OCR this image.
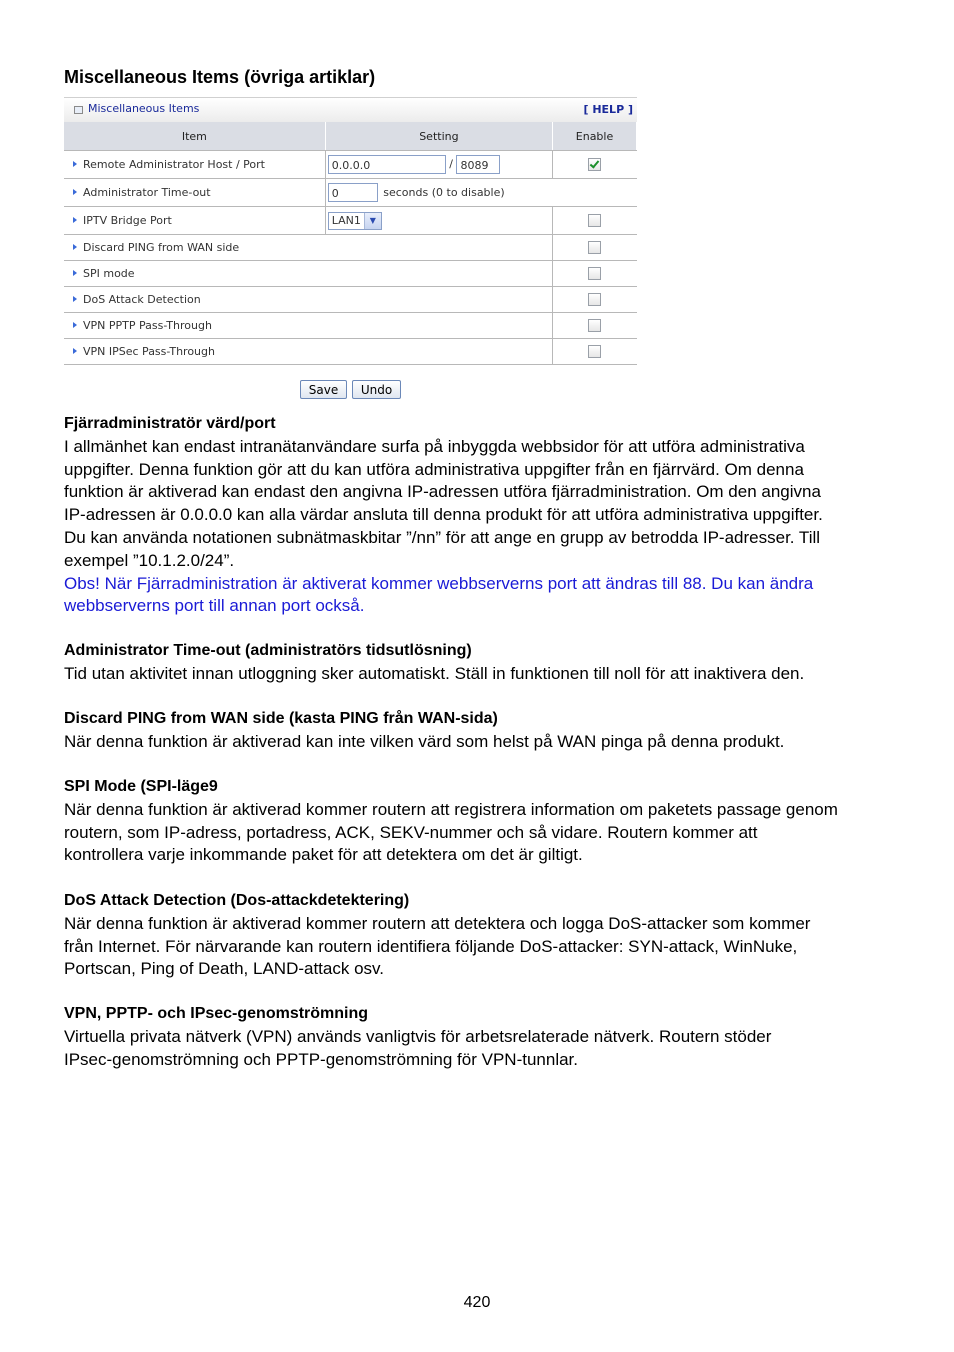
Miscellaneous Items (övriga artiklar)
Miscellaneous Items	[ HELP ]
Item	Setting	Enable
Remote Administrator Host / Port	0.0.0.0 / 8089	
Administrator Time-out	0 seconds (0 to disable)	
IPTV Bridge Port	LAN1 ▼	

Discard PING from WAN side		
SPI mode		
DoS Attack Detection		
VPN PPTP Pass-Through		
VPN IPSec Pass-Through		
Save	Undo
Fjärradministratör värd/port
I allmänhet kan endast intranätanvändare surfa på inbyggda webbsidor för att utföra administrativa
uppgifter. Denna funktion gör att du kan utföra administrativa uppgifter från en fjärrvärd. Om denna
funktion är aktiverad kan endast den angivna IP-adressen utföra fjärradministration. Om den angivna
IP-adressen är 0.0.0.0 kan alla värdar ansluta till denna produkt för att utföra administrativa uppgifter.
Du kan använda notationen subnätmaskbitar ”/nn” för att ange en grupp av betrodda IP-adresser. Till
exempel ”10.1.2.0/24”.
Obs! När Fjärradministration är aktiverat kommer webbserverns port att ändras till 88. Du kan ändra
webbserverns port till annan port också.
Administrator Time-out (administratörs tidsutlösning)
Tid utan aktivitet innan utloggning sker automatiskt. Ställ in funktionen till noll för att inaktivera den.
Discard PING from WAN side (kasta PING från WAN-sida)
När denna funktion är aktiverad kan inte vilken värd som helst på WAN pinga på denna produkt.
SPI Mode (SPI-läge9
När denna funktion är aktiverad kommer routern att registrera information om paketets passage genom
routern, som IP-adress, portadress, ACK, SEKV-nummer och så vidare. Routern kommer att
kontrollera varje inkommande paket för att detektera om det är giltigt.
DoS Attack Detection (Dos-attackdetektering)
När denna funktion är aktiverad kommer routern att detektera och logga DoS-attacker som kommer
från Internet. För närvarande kan routern identifiera följande DoS-attacker: SYN-attack, WinNuke,
Portscan, Ping of Death, LAND-attack osv.
VPN, PPTP- och IPsec-genomströmning
Virtuella privata nätverk (VPN) används vanligtvis för arbetsrelaterade nätverk. Routern stöder
IPsec-genomströmning och PPTP-genomströmning för VPN-tunnlar.
420
